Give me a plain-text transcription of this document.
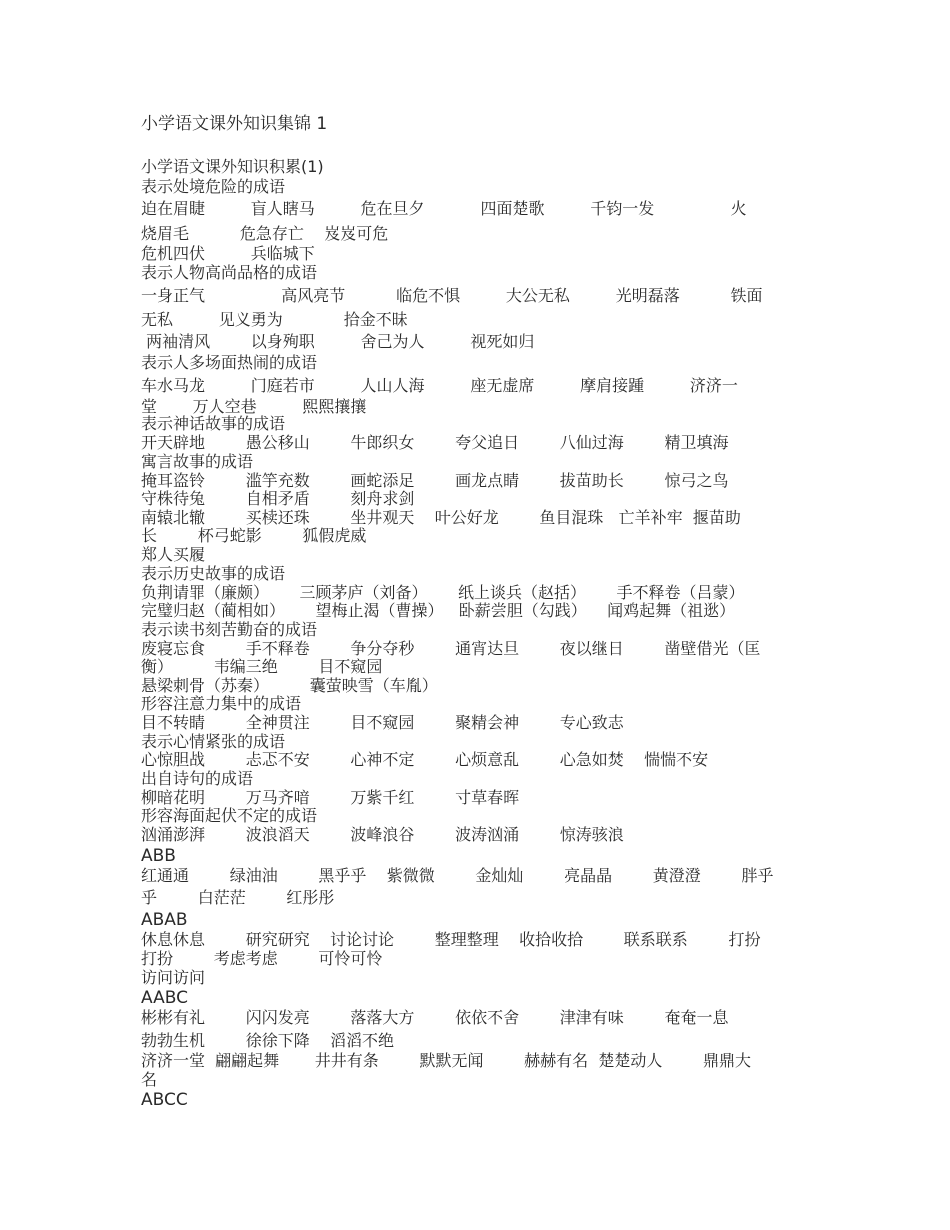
小学语文课外知识集锦 1
小学语文课外知识积累(1)
表示处境危险的成语
迫在眉睫         盲人瞎马         危在旦夕           四面楚歌         千钧一发               火
烧眉毛          危急存亡    岌岌可危
危机四伏         兵临城下
表示人物高尚品格的成语
一身正气               高风亮节          临危不惧         大公无私         光明磊落          铁面
无私         见义勇为            拾金不昧
两袖清风        以身殉职         舍己为人         视死如归
表示人多场面热闹的成语
车水马龙         门庭若市         人山人海         座无虚席         摩肩接踵         济济一
堂       万人空巷         熙熙攘攘
表示神话故事的成语
开天辟地        愚公移山        牛郎织女        夸父追日        八仙过海        精卫填海
寓言故事的成语
掩耳盗铃        滥竽充数        画蛇添足        画龙点睛        拔苗助长        惊弓之鸟
守株待兔        自相矛盾        刻舟求剑
南辕北辙        买椟还珠        坐井观天    叶公好龙        鱼目混珠   亡羊补牢  揠苗助
长        杯弓蛇影        狐假虎威
郑人买履
表示历史故事的成语
负荆请罪（廉颇）      三顾茅庐（刘备）      纸上谈兵（赵括）      手不释卷（吕蒙）
完璧归赵（蔺相如）      望梅止渴（曹操）   卧薪尝胆（勾践）    闻鸡起舞（祖逖）
表示读书刻苦勤奋的成语
废寝忘食        手不释卷        争分夺秒        通宵达旦        夜以继日        凿壁借光（匡
衡）        韦编三绝        目不窥园
悬梁刺骨（苏秦）        囊萤映雪（车胤）
形容注意力集中的成语
目不转睛        全神贯注        目不窥园        聚精会神        专心致志
表示心情紧张的成语
心惊胆战        忐忑不安        心神不定        心烦意乱        心急如焚    惴惴不安
出自诗句的成语
柳暗花明        万马齐喑        万紫千红        寸草春晖
形容海面起伏不定的成语
汹涌澎湃        波浪滔天        波峰浪谷        波涛汹涌        惊涛骇浪
ABB
红通通        绿油油        黑乎乎    紫微微        金灿灿        亮晶晶        黄澄澄        胖乎
乎        白茫茫        红彤彤
ABAB
休息休息        研究研究    讨论讨论        整理整理    收拾收拾        联系联系        打扮
打扮        考虑考虑        可怜可怜
访问访问
AABC
彬彬有礼        闪闪发亮        落落大方        依依不舍        津津有味        奄奄一息
勃勃生机        徐徐下降    滔滔不绝
济济一堂  翩翩起舞       井井有条        默默无闻        赫赫有名  楚楚动人        鼎鼎大
名
ABCC
